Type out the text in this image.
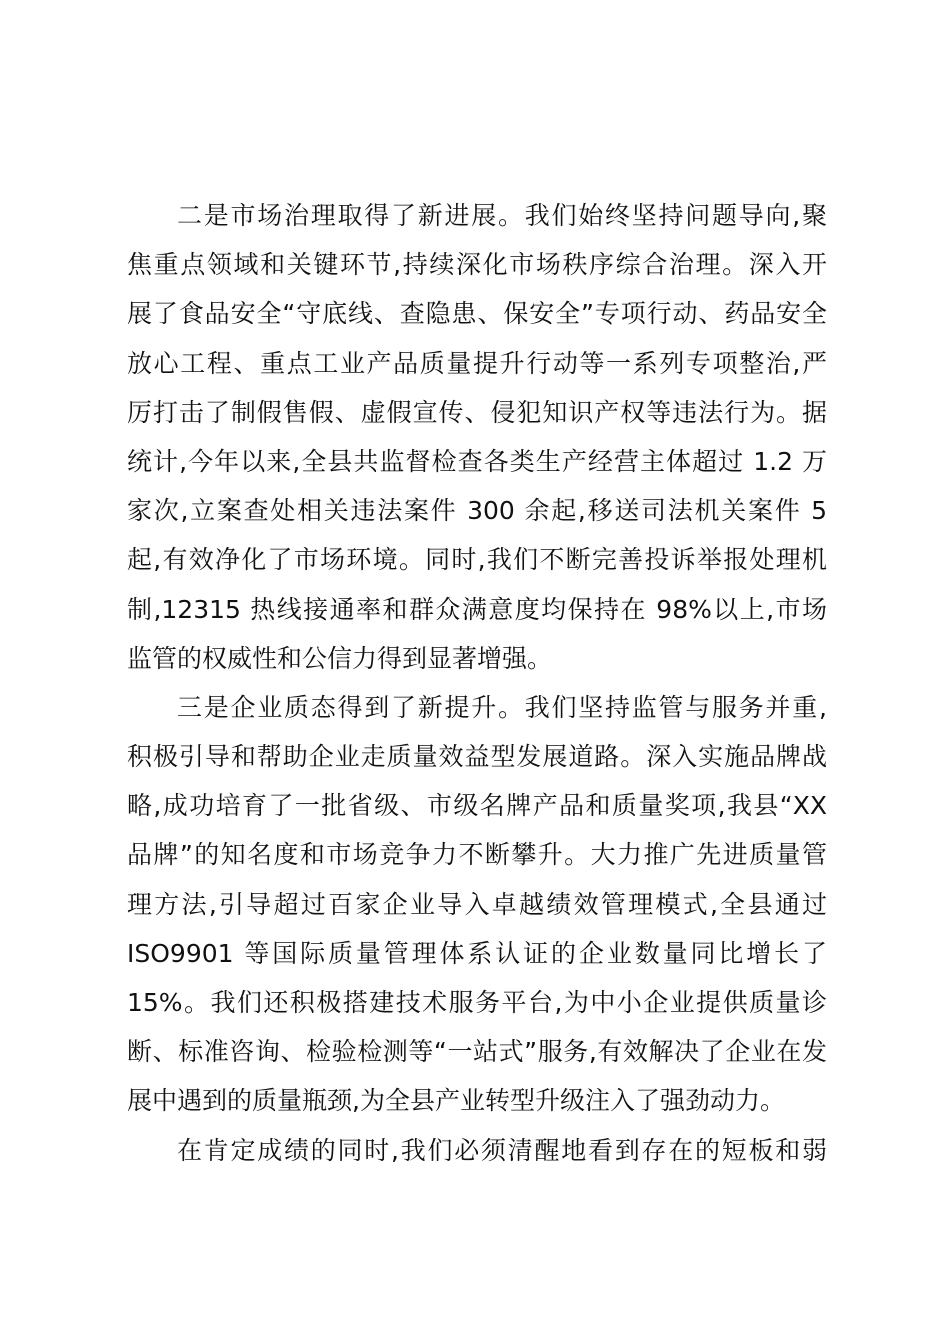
二是市场治理取得了新进展。我们始终坚持问题导向,聚
焦重点领域和关键环节,持续深化市场秩序综合治理。深入开
展了食品安全“守底线、查隐患、保安全”专项行动、药品安全
放心工程、重点工业产品质量提升行动等一系列专项整治,严
厉打击了制假售假、虚假宣传、侵犯知识产权等违法行为。据
统计,今年以来,全县共监督检查各类生产经营主体超过 1.2 万
家次,立案查处相关违法案件 300 余起,移送司法机关案件 5
起,有效净化了市场环境。同时,我们不断完善投诉举报处理机
制,12315 热线接通率和群众满意度均保持在 98%以上,市场
监管的权威性和公信力得到显著增强。
三是企业质态得到了新提升。我们坚持监管与服务并重,
积极引导和帮助企业走质量效益型发展道路。深入实施品牌战
略,成功培育了一批省级、市级名牌产品和质量奖项,我县“XX
品牌”的知名度和市场竞争力不断攀升。大力推广先进质量管
理方法,引导超过百家企业导入卓越绩效管理模式,全县通过
ISO9901 等国际质量管理体系认证的企业数量同比增长了
15%。我们还积极搭建技术服务平台,为中小企业提供质量诊
断、标准咨询、检验检测等“一站式”服务,有效解决了企业在发
展中遇到的质量瓶颈,为全县产业转型升级注入了强劲动力。
在肯定成绩的同时,我们必须清醒地看到存在的短板和弱
